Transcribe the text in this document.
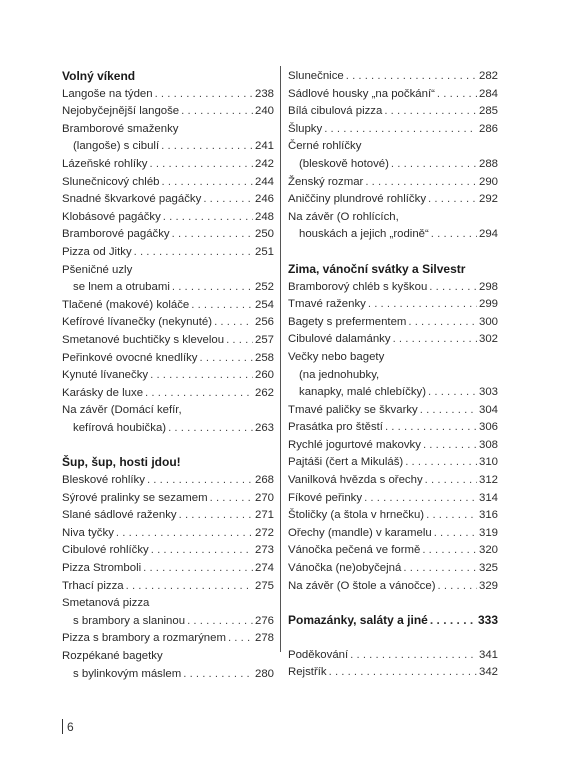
Volný víkend
Langoše na týden . . .	238
Nejobyčejnější langoše . . .	240
Bramborové smaženky
(langoše) s cibulí . . .	241
Lázeňské rohlíky . . .	242
Slunečnicový chléb . . .	244
Snadné škvarkové pagáčky . . .	246
Klobásové pagáčky . . .	248
Bramborové pagáčky . . .	250
Pizza od Jitky . . .	251
Pšeničné uzly
se lnem a otrubami . . .	252
Tlačené (makové) koláče . . .	254
Kefírové lívanečky (nekynuté) . . .	256
Smetanové buchtičky s klevelou . . .	257
Peřinkové ovocné knedlíky . . .	258
Kynuté lívanečky . . .	260
Karásky de luxe . . .	262
Na závěr (Domácí kefír,
kefírová houbička) . . .	263
Šup, šup, hosti jdou!
Bleskové rohlíky . . .	268
Sýrové pralinky se sezamem . . .	270
Slané sádlové raženky . . .	271
Niva tyčky . . .	272
Cibulové rohlíčky . . .	273
Pizza Stromboli . . .	274
Trhací pizza . . .	275
Smetanová pizza
s brambory a slaninou . . .	276
Pizza s brambory a rozmarýnem . . .	278
Rozpékané bagetky
s bylinkovým máslem . . .	280
Slunečnice . . .	282
Sádlové housky „na počkání“ . . .	284
Bílá cibulová pizza . . .	285
Šlupky . . .	286
Černé rohlíčky
(bleskově hotové) . . .	288
Ženský rozmar . . .	290
Aniččiny plundrové rohlíčky . . .	292
Na závěr (O rohlících,
houskách a jejich „rodině“ . . .	294
Zima, vánoční svátky a Silvestr
Bramborový chléb s kyškou . . .	298
Tmavé raženky . . .	299
Bagety s prefermentem . . .	300
Cibulové dalamánky . . .	302
Večky nebo bagety
(na jednohubky,
kanapky, malé chlebíčky) . . .	303
Tmavé paličky se škvarky . . .	304
Prasátka pro štěstí . . .	306
Rychlé jogurtové makovky . . .	308
Pajtáši (čert a Mikuláš) . . .	310
Vanilková hvězda s ořechy . . .	312
Fíkové peřinky . . .	314
Štoličky (a štola v hrnečku) . . .	316
Ořechy (mandle) v karamelu . . .	319
Vánočka pečená ve formě . . .	320
Vánočka (ne)obyčejná . . .	325
Na závěr (O štole a vánočce) . . .	329
Pomazánky, saláty a jiné . . .	333
Poděkování . . .	341
Rejstřík . . .	342
6
